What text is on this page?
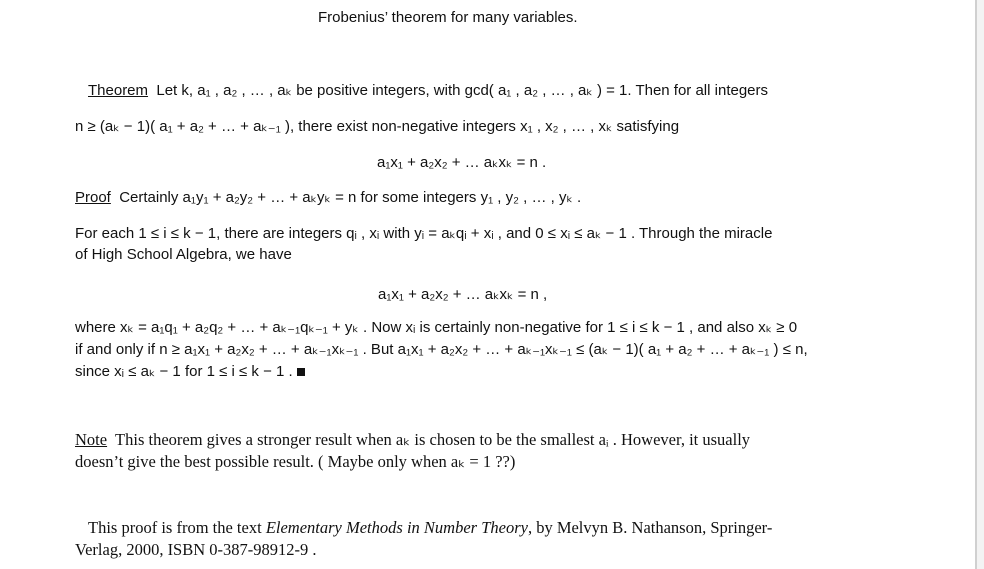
Frobenius’ theorem for many variables.
Theorem Let k, a₁ , a₂ , … , aₖ be positive integers, with gcd( a₁ , a₂ , … , aₖ ) = 1. Then for all integers
n ≥ (aₖ − 1)( a₁ + a₂ + … + aₖ₋₁ ), there exist non-negative integers x₁ , x₂ , … , xₖ satisfying
a₁x₁ + a₂x₂ + … aₖxₖ = n .
Proof Certainly a₁y₁ + a₂y₂ + … + aₖyₖ = n for some integers y₁ , y₂ , … , yₖ .
For each 1 ≤ i ≤ k − 1, there are integers qᵢ , xᵢ with yᵢ = aₖqᵢ + xᵢ , and 0 ≤ xᵢ ≤ aₖ − 1 . Through the miracle
of High School Algebra, we have
a₁x₁ + a₂x₂ + … aₖxₖ = n ,
where xₖ = a₁q₁ + a₂q₂ + … + aₖ₋₁qₖ₋₁ + yₖ . Now xᵢ is certainly non-negative for 1 ≤ i ≤ k − 1 , and also xₖ ≥ 0
if and only if n ≥ a₁x₁ + a₂x₂ + … + aₖ₋₁xₖ₋₁ . But a₁x₁ + a₂x₂ + … + aₖ₋₁xₖ₋₁ ≤ (aₖ − 1)( a₁ + a₂ + … + aₖ₋₁ ) ≤ n,
since xᵢ ≤ aₖ − 1 for 1 ≤ i ≤ k − 1 .
Note This theorem gives a stronger result when aₖ is chosen to be the smallest aᵢ . However, it usually
doesn’t give the best possible result. ( Maybe only when aₖ = 1 ??)
This proof is from the text Elementary Methods in Number Theory, by Melvyn B. Nathanson, Springer-
Verlag, 2000, ISBN 0-387-98912-9 .
